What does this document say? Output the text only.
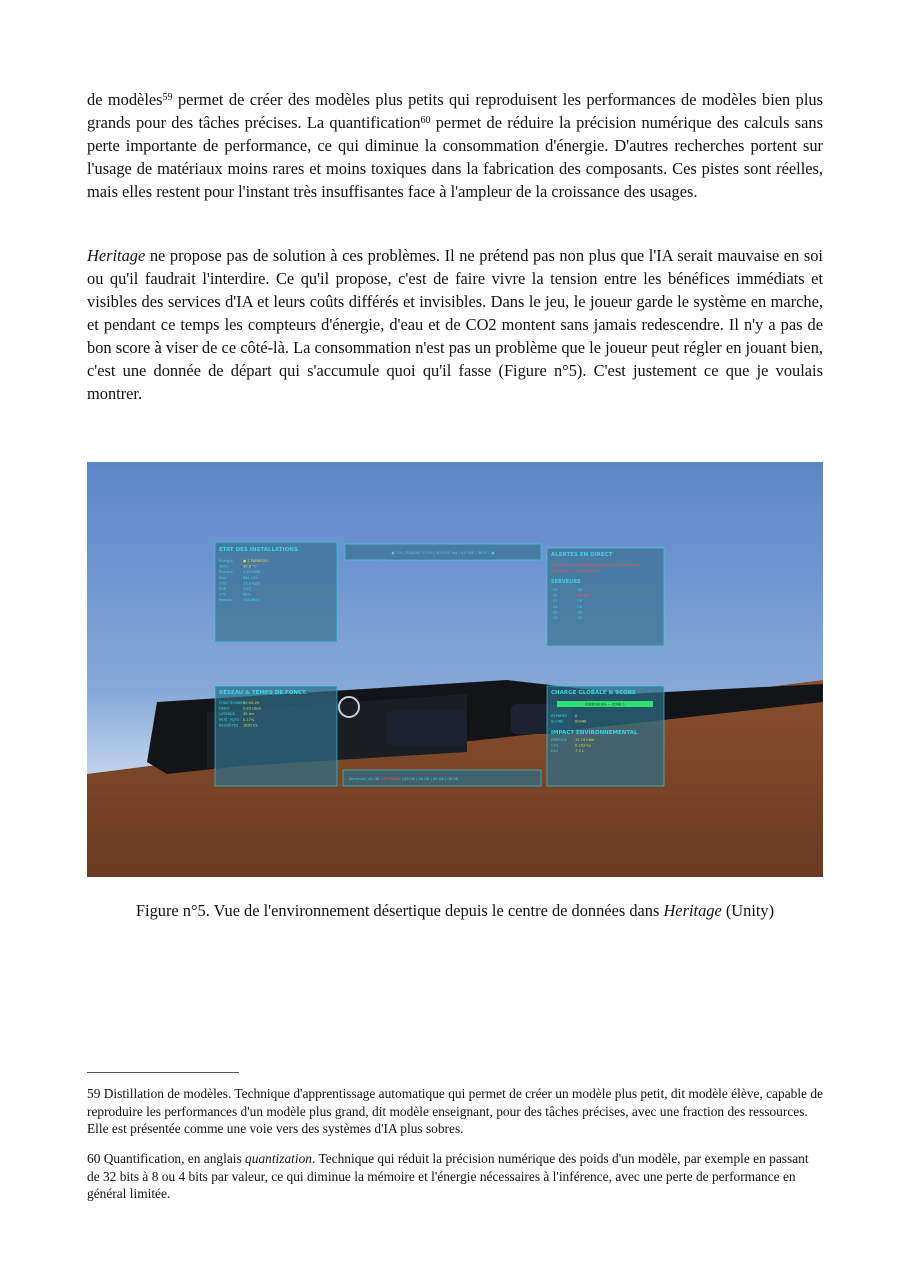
de modèles$^{59}$ permet de créer des modèles plus petits qui reproduisent les performances de modèles bien plus grands pour des tâches précises. La quantification$^{60}$ permet de réduire la précision numérique des calculs sans perte importante de performance, ce qui diminue la consommation d'énergie. D'autres recherches portent sur l'usage de matériaux moins rares et moins toxiques dans la fabrication des composants. Ces pistes sont réelles, mais elles restent pour l'instant très insuffisantes face à l'ampleur de la croissance des usages.

Heritage ne propose pas de solution à ces problèmes. Il ne prétend pas non plus que l'IA serait mauvaise en soi ou qu'il faudrait l'interdire. Ce qu'il propose, c'est de faire vivre la tension entre les bénéfices immédiats et visibles des services d'IA et leurs coûts différés et invisibles. Dans le jeu, le joueur garde le système en marche, et pendant ce temps les compteurs d'énergie, d'eau et de CO2 montent sans jamais redescendre. Il n'y a pas de bon score à viser de ce côté-là. La consommation n'est pas un problème que le joueur peut régler en jouant bien, c'est une donnée de départ qui s'accumule quoi qu'il fasse (Figure n°5). C'est justement ce que je voulais montrer.

ÉTAT DES INSTALLATIONS
Énergie	● 1 PANNE(S)
Temp.	38.6 °C
Énergie	1.33 kWh
Eau	881 L/hr
CO2	13.3 kg/h
PUE	1.42
CPU	68%
Réseau	530 Mb/s
● 10h | RÉSEAU 0.03% | 870000 req | 0.8 MW | 38.6°C ●	ALERTES EN DIRECT
Coût IA: les besoins globaux ont doublé en 10 semaines
SERVEUR 02 — HORS SERVICE
SERVEURS
01	OK
02	PANNE
03	OK
04	OK
05	OK
06	OK
RÉSEAU & TEMPS DE FONCT.
FONCTIONNEL
00:00:29
DÉBIT	0.83 Gbps
LATENCE 35 ms
PERT. PQTS 0.17%
REQUÊTES 18917/s
CHARGE GLOBALE & SCORE
ÉNERGIE 8% — ZONE 1
RÉPARÉS 0
SCORE	00048
IMPACT ENVIRONNEMENTAL
ÉNERGIE 12.74 kWh
CO2	0.103 kg
EAU	7.3 L
Serveurs | 01 OK | 02 PANNE | 03 OK | 04 OK | 05 OK | 06 OK

Figure n°5. Vue de l'environnement désertique depuis le centre de données dans Heritage (Unity)

59 Distillation de modèles. Technique d'apprentissage automatique qui permet de créer un modèle plus petit, dit modèle élève, capable de reproduire les performances d'un modèle plus grand, dit modèle enseignant, pour des tâches précises, avec une fraction des ressources. Elle est présentée comme une voie vers des systèmes d'IA plus sobres.

60 Quantification, en anglais quantization. Technique qui réduit la précision numérique des poids d'un modèle, par exemple en passant de 32 bits à 8 ou 4 bits par valeur, ce qui diminue la mémoire et l'énergie nécessaires à l'inférence, avec une perte de performance en général limitée.
